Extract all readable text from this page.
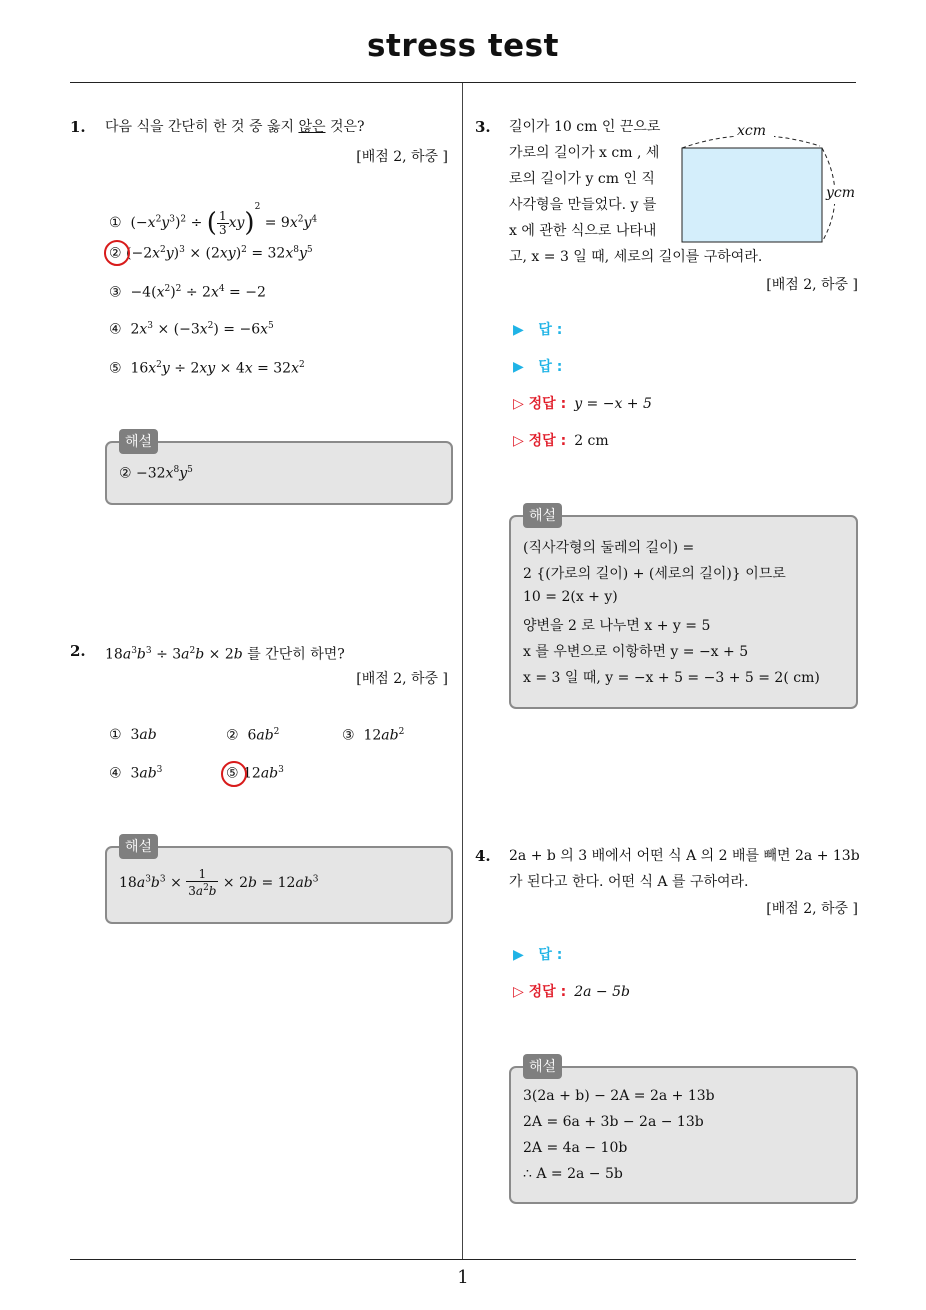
stress test
1
1. 다음 식을 간단히 한 것 중 옳지 않은 것은?
[배점 2, 하중 ]
①  $(-x^2y^3)^2$ ÷ ( $\frac{1}{3} xy)^2 = 9x^2y^4$
② $(-2x^2y)^3 \times (2xy)^2 = 32x^8y^5$
③  $-4(x^2)^2 \div 2x^4 = -2$
④  $2x^3 \times (-3x^2) = -6x^5$
⑤  $16x^2y \div 2xy \times 4x = 32x^2$
② $-32x^8y^5$
해설
2. $18a^3b^3 \div 3a^2b \times 2b$ 를 간단히 하면?
[배점 2, 하중 ]
①  3ab	②  $6ab^2$	③  $12ab^2$
④  $3ab^3$	⑤ $12ab^3$
$18a^3b^3 \times \frac{1}{3a^2b} \times 2b = 12ab^3$
해설
3. 길이가 10 cm 인 끈으로
가로의 길이가 x cm , 세
로의 길이가 y cm 인 직
사각형을 만들었다. y 를
x 에 관한 식으로 나타내
고, x = 3 일 때, 세로의 길이를 구하여라.
[배점 2, 하중 ]
xcm
ycm
▶ 답 :
▶ 답 :
▷ 정답 : y = −x + 5
▷ 정답 : 2 cm
(직사각형의 둘레의 길이) =
2 {(가로의 길이) + (세로의 길이)} 이므로
10 = 2(x + y)
양변을 2 로 나누면 x + y = 5
x 를 우변으로 이항하면 y = −x + 5
x = 3 일 때, y = −x + 5 = −3 + 5 = 2( cm)
해설
4. 2a + b 의 3 배에서 어떤 식 A 의 2 배를 빼면 2a + 13b
가 된다고 한다. 어떤 식 A 를 구하여라.
[배점 2, 하중 ]
▶ 답 :
▷ 정답 : 2a − 5b
3(2a + b) − 2A = 2a + 13b
2A = 6a + 3b − 2a − 13b
2A = 4a − 10b
∴ A = 2a − 5b
해설
